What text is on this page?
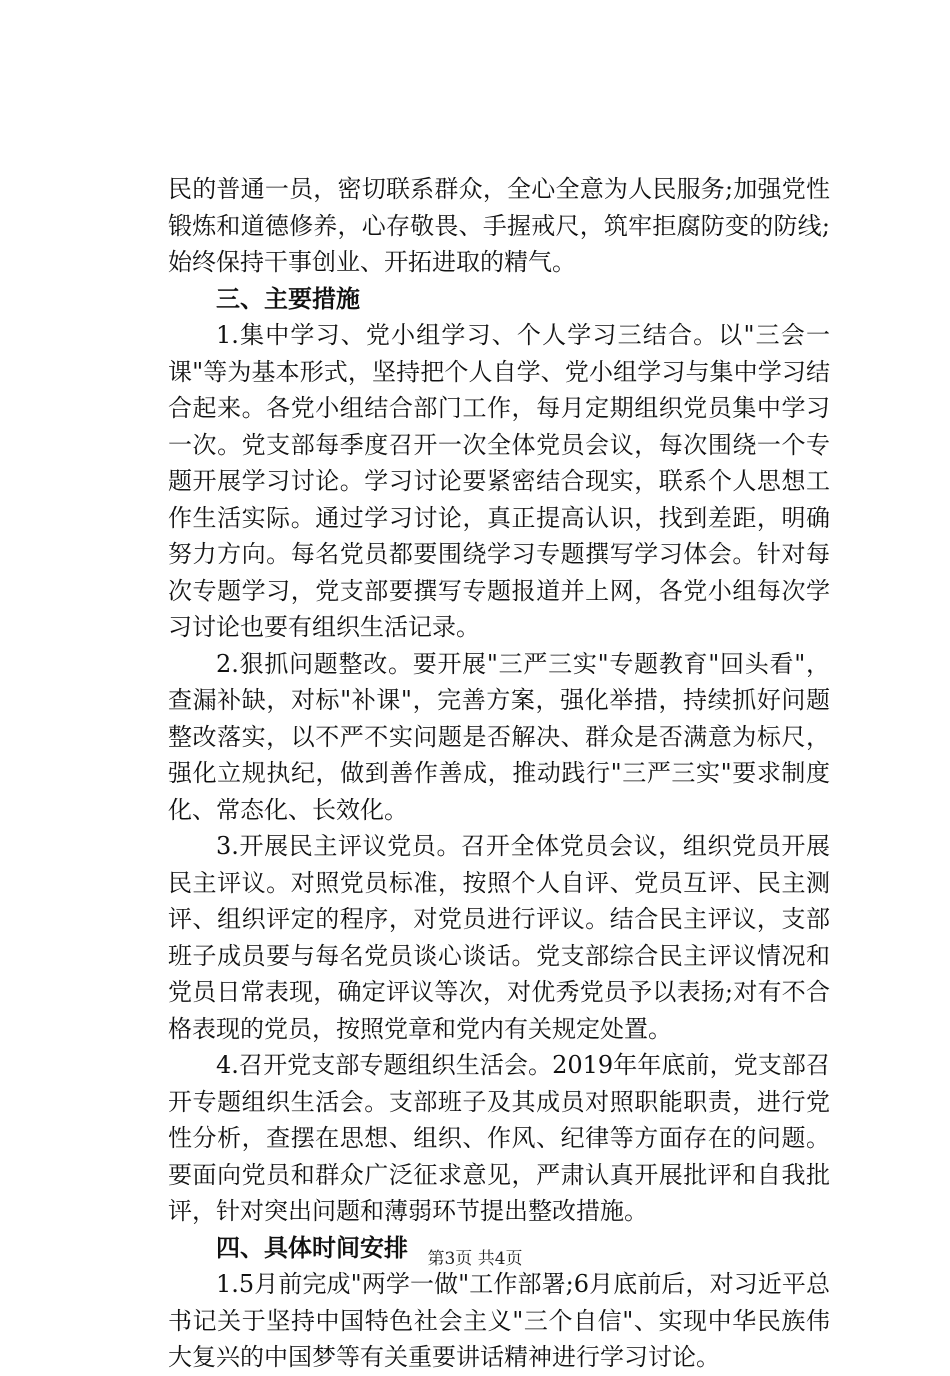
民的普通一员，密切联系群众，全心全意为人民服务;加强党性锻炼和道德修养，心存敬畏、手握戒尺，筑牢拒腐防变的防线;始终保持干事创业、开拓进取的精气。

三、主要措施

1.集中学习、党小组学习、个人学习三结合。以"三会一课"等为基本形式，坚持把个人自学、党小组学习与集中学习结合起来。各党小组结合部门工作，每月定期组织党员集中学习一次。党支部每季度召开一次全体党员会议，每次围绕一个专题开展学习讨论。学习讨论要紧密结合现实，联系个人思想工作生活实际。通过学习讨论，真正提高认识，找到差距，明确努力方向。每名党员都要围绕学习专题撰写学习体会。针对每次专题学习，党支部要撰写专题报道并上网，各党小组每次学习讨论也要有组织生活记录。

2.狠抓问题整改。要开展"三严三实"专题教育"回头看"，查漏补缺，对标"补课"，完善方案，强化举措，持续抓好问题整改落实，以不严不实问题是否解决、群众是否满意为标尺，强化立规执纪，做到善作善成，推动践行"三严三实"要求制度化、常态化、长效化。

3.开展民主评议党员。召开全体党员会议，组织党员开展民主评议。对照党员标准，按照个人自评、党员互评、民主测评、组织评定的程序，对党员进行评议。结合民主评议，支部班子成员要与每名党员谈心谈话。党支部综合民主评议情况和党员日常表现，确定评议等次，对优秀党员予以表扬;对有不合格表现的党员，按照党章和党内有关规定处置。

4.召开党支部专题组织生活会。2019年年底前，党支部召开专题组织生活会。支部班子及其成员对照职能职责，进行党性分析，查摆在思想、组织、作风、纪律等方面存在的问题。要面向党员和群众广泛征求意见，严肃认真开展批评和自我批评，针对突出问题和薄弱环节提出整改措施。

四、具体时间安排

1.5月前完成"两学一做"工作部署;6月底前后，对习近平总书记关于坚持中国特色社会主义"三个自信"、实现中华民族伟大复兴的中国梦等有关重要讲话精神进行学习讨论。

第3页 共4页
